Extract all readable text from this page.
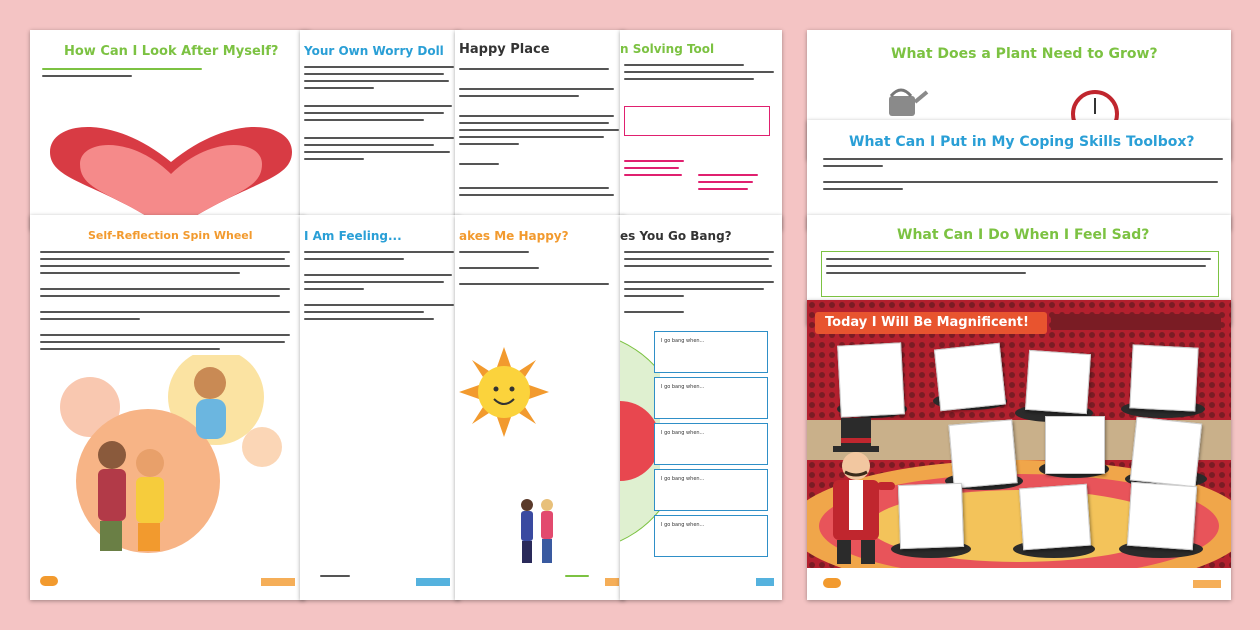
How Can I Look After Myself? Your Own Worry Doll Happy Place	n Solving Tool
Self-Reflection Spin Wheel	I Am Feeling...	akes Me Happy?	es You Go Bang?
I go bang when...
I go bang when...
I go bang when...
I go bang when...
I go bang when...
What Does a Plant Need to Grow?
What Can I Put in My Coping Skills Toolbox?
What Can I Do When I Feel Sad?
Today I Will Be Magnificent!
